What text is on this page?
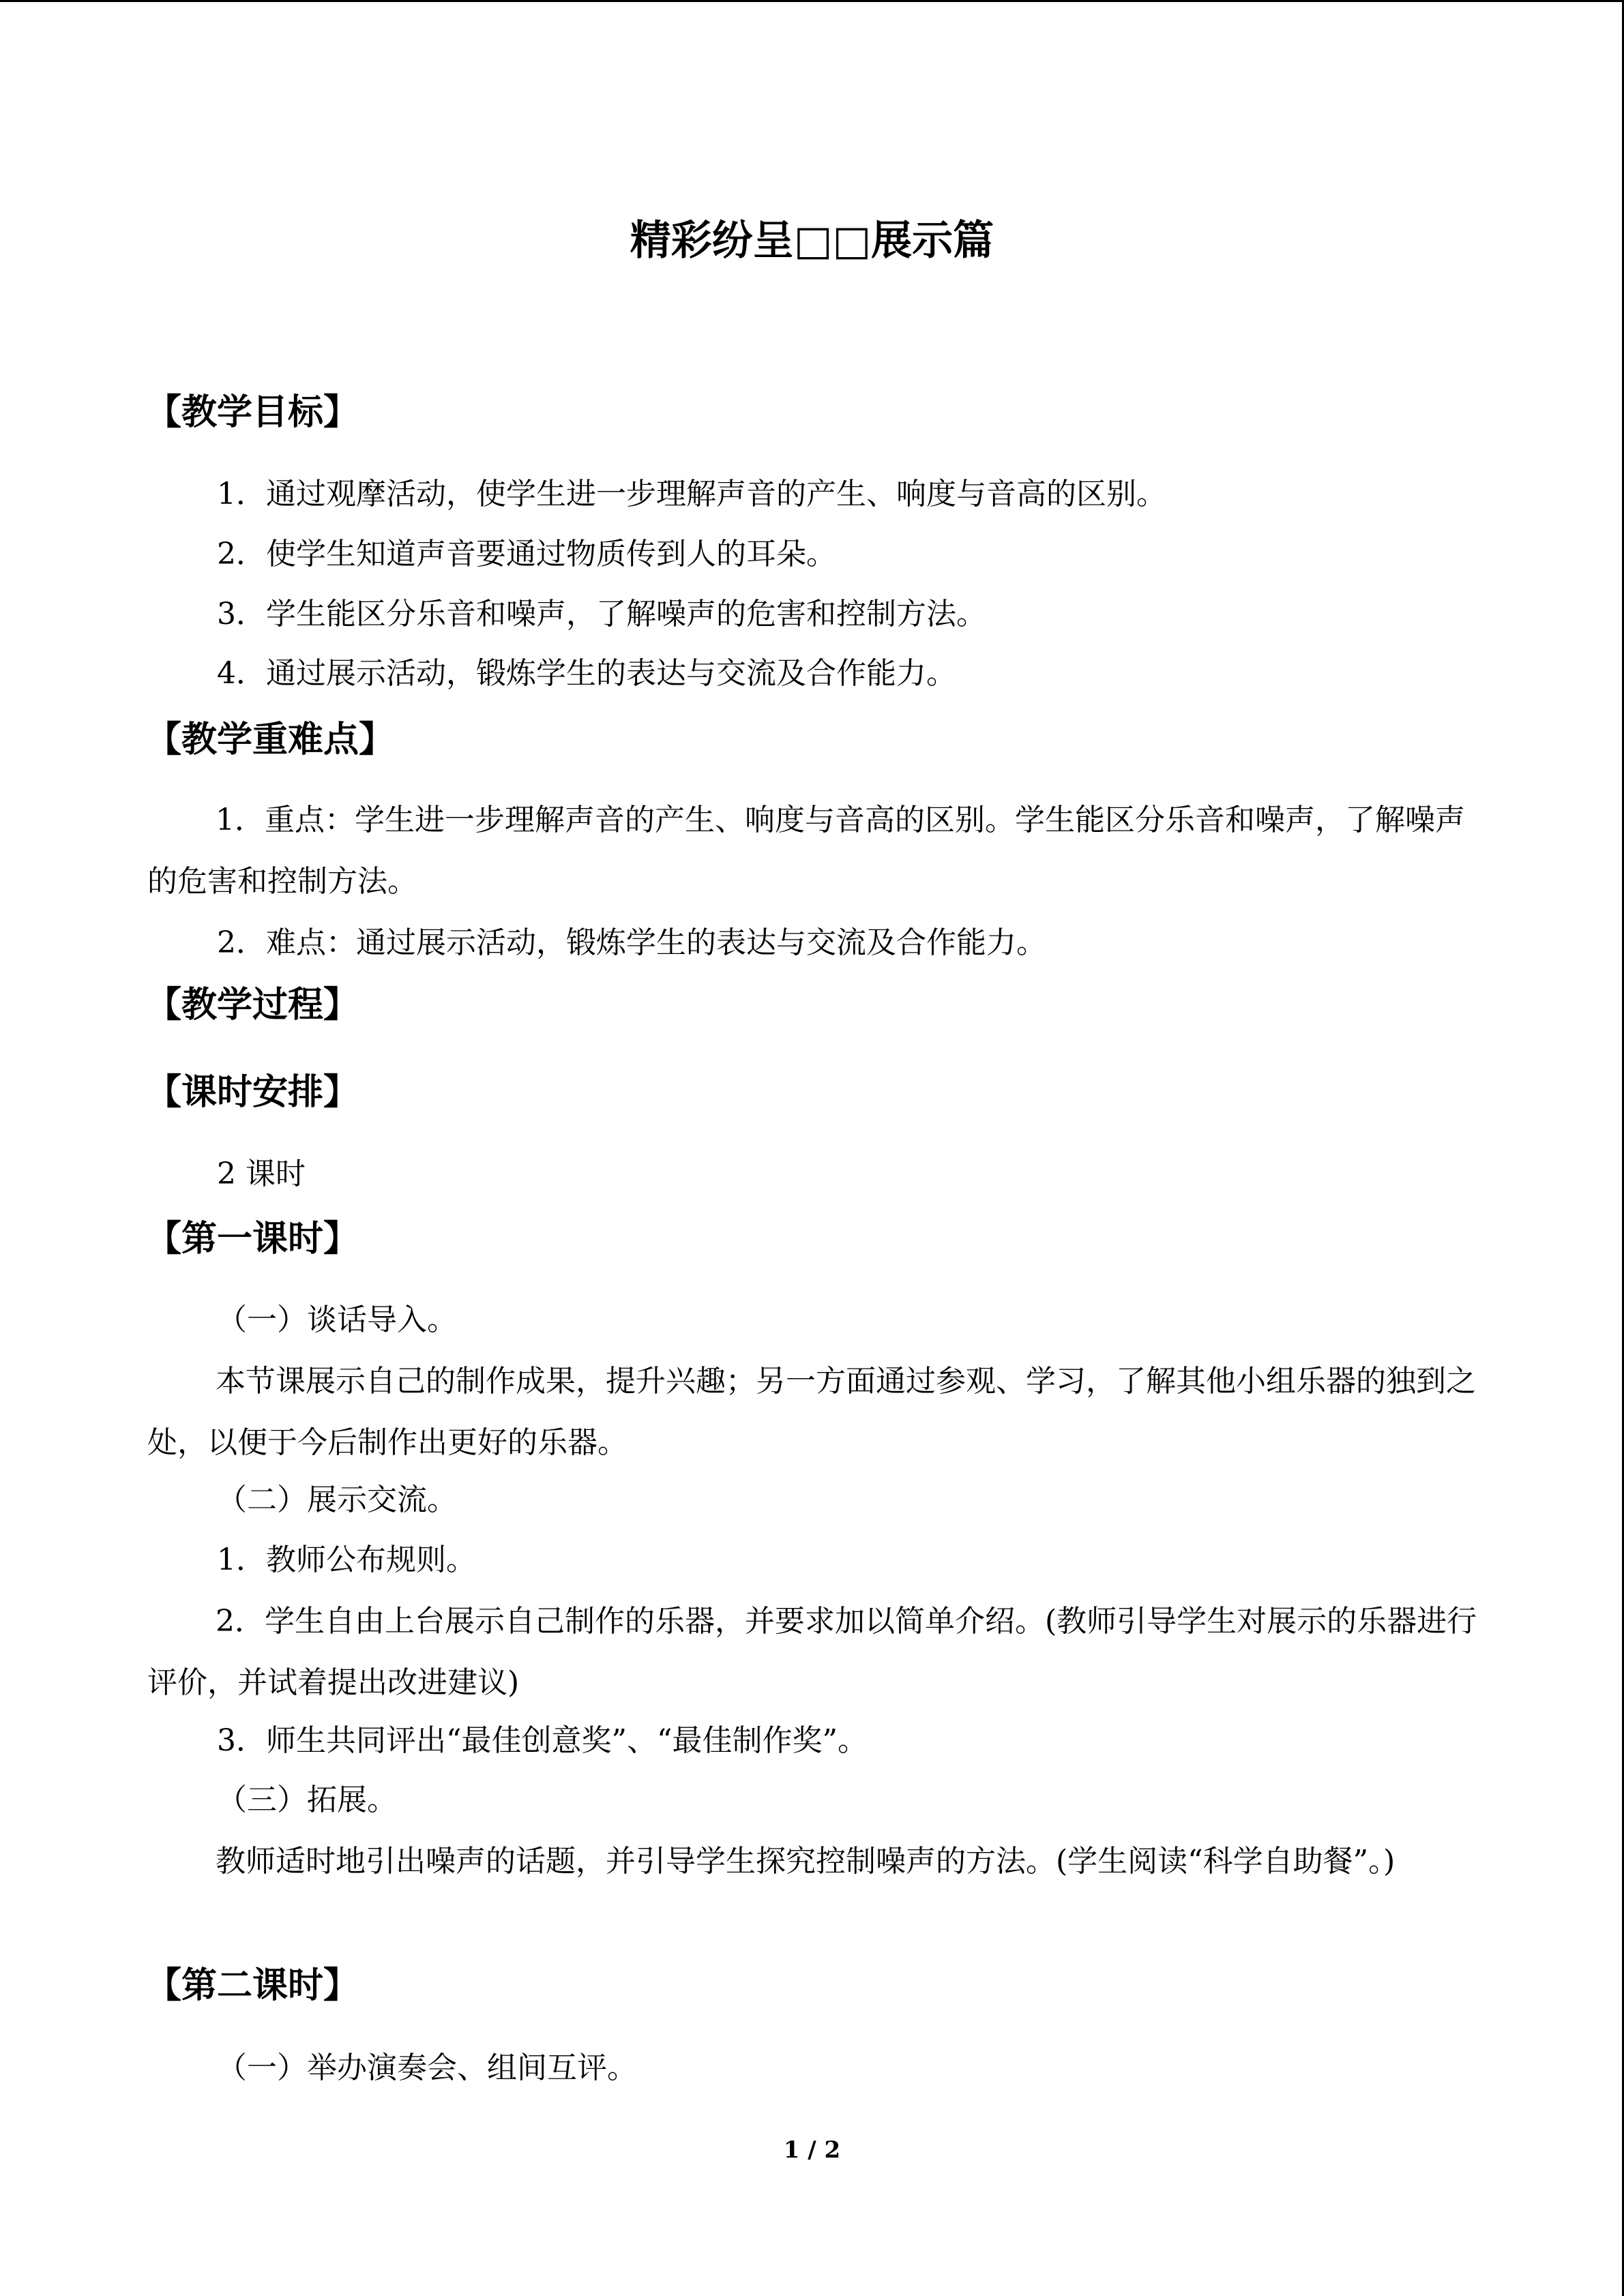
精彩纷呈□□展示篇
【教学目标】
1．通过观摩活动，使学生进一步理解声音的产生、响度与音高的区别。
2．使学生知道声音要通过物质传到人的耳朵。
3．学生能区分乐音和噪声，了解噪声的危害和控制方法。
4．通过展示活动，锻炼学生的表达与交流及合作能力。
【教学重难点】
1．重点：学生进一步理解声音的产生、响度与音高的区别。学生能区分乐音和噪声，了解噪声的危害和控制方法。
2．难点：通过展示活动，锻炼学生的表达与交流及合作能力。
【教学过程】
【课时安排】
2 课时
【第一课时】
（一）谈话导入。
本节课展示自己的制作成果，提升兴趣；另一方面通过参观、学习，了解其他小组乐器的独到之处，以便于今后制作出更好的乐器。
（二）展示交流。
1．教师公布规则。
2．学生自由上台展示自己制作的乐器，并要求加以简单介绍。(教师引导学生对展示的乐器进行评价，并试着提出改进建议)
3．师生共同评出“最佳创意奖”、“最佳制作奖”。
（三）拓展。
教师适时地引出噪声的话题，并引导学生探究控制噪声的方法。(学生阅读“科学自助餐”。)
【第二课时】
（一）举办演奏会、组间互评。
1 / 2
